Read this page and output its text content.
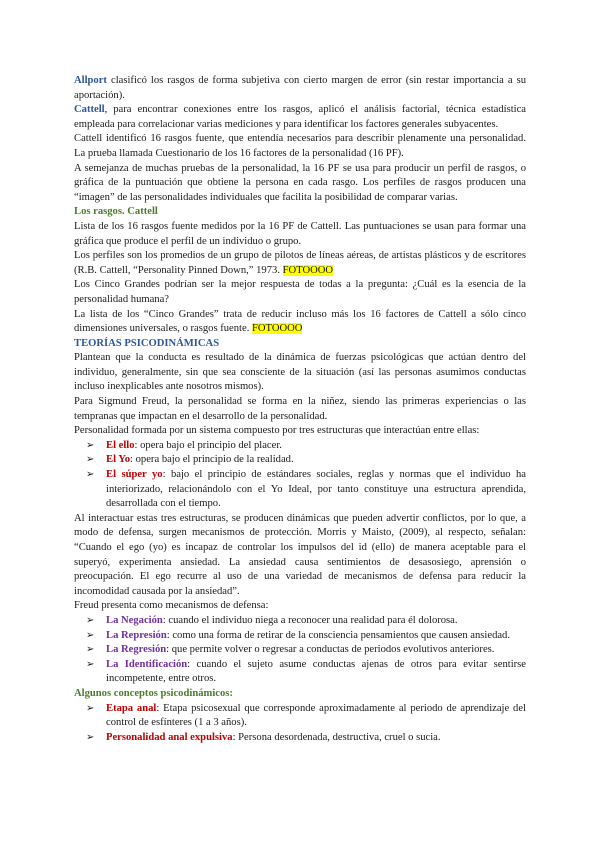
Allport clasificó los rasgos de forma subjetiva con cierto margen de error (sin restar importancia a su aportación).

Cattell, para encontrar conexiones entre los rasgos, aplicó el análisis factorial, técnica estadística empleada para correlacionar varias mediciones y para identificar los factores generales subyacentes.

Cattell identificó 16 rasgos fuente, que entendía necesarios para describir plenamente una personalidad. La prueba llamada Cuestionario de los 16 factores de la personalidad (16 PF).

A semejanza de muchas pruebas de la personalidad, la 16 PF se usa para producir un perfil de rasgos, o gráfica de la puntuación que obtiene la persona en cada rasgo. Los perfiles de rasgos producen una “imagen” de las personalidades individuales que facilita la posibilidad de comparar varias.

Los rasgos. Cattell

Lista de los 16 rasgos fuente medidos por la 16 PF de Cattell. Las puntuaciones se usan para formar una gráfica que produce el perfil de un individuo o grupo.

Los perfiles son los promedios de un grupo de pilotos de líneas aéreas, de artistas plásticos y de escritores (R.B. Cattell, “Personality Pinned Down,” 1973. FOTOOOO

Los Cinco Grandes podrían ser la mejor respuesta de todas a la pregunta: ¿Cuál es la esencia de la personalidad humana?

La lista de los “Cinco Grandes” trata de reducir incluso más los 16 factores de Cattell a sólo cinco dimensiones universales, o rasgos fuente. FOTOOOO

TEORÍAS PSICODINÁMICAS

Plantean que la conducta es resultado de la dinámica de fuerzas psicológicas que actúan dentro del individuo, generalmente, sin que sea consciente de la situación (así las personas asumimos conductas incluso inexplicables ante nosotros mismos).

Para Sigmund Freud, la personalidad se forma en la niñez, siendo las primeras experiencias o las tempranas que impactan en el desarrollo de la personalidad.

Personalidad formada por un sistema compuesto por tres estructuras que interactúan entre ellas:

➢ El ello: opera bajo el principio del placer.
➢ El Yo: opera bajo el principio de la realidad.
➢ El súper yo: bajo el principio de estándares sociales, reglas y normas que el individuo ha interiorizado, relacionándolo con el Yo Ideal, por tanto constituye una estructura aprendida, desarrollada con el tiempo.

Al interactuar estas tres estructuras, se producen dinámicas que pueden advertir conflictos, por lo que, a modo de defensa, surgen mecanismos de protección. Morris y Maisto, (2009), al respecto, señalan: “Cuando el ego (yo) es incapaz de controlar los impulsos del id (ello) de manera aceptable para el superyó, experimenta ansiedad. La ansiedad causa sentimientos de desasosiego, aprensión o preocupación. El ego recurre al uso de una variedad de mecanismos de defensa para reducir la incomodidad causada por la ansiedad”.

Freud presenta como mecanismos de defensa:

➢ La Negación: cuando el individuo niega a reconocer una realidad para él dolorosa.
➢ La Represión: como una forma de retirar de la consciencia pensamientos que causen ansiedad.
➢ La Regresión: que permite volver o regresar a conductas de periodos evolutivos anteriores.
➢ La Identificación: cuando el sujeto asume conductas ajenas de otros para evitar sentirse incompetente, entre otros.

Algunos conceptos psicodinámicos:

➢ Etapa anal: Etapa psicosexual que corresponde aproximadamente al periodo de aprendizaje del control de esfínteres (1 a 3 años).
➢ Personalidad anal expulsiva: Persona desordenada, destructiva, cruel o sucia.
